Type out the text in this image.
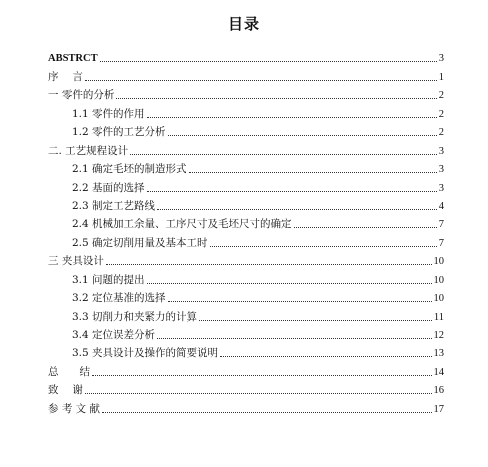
目录
ABSTRCT	3
序　 言	1
一 零件的分析	2
1.1 零件的作用	2
1.2 零件的工艺分析	2
二. 工艺规程设计	3
2.1 确定毛坯的制造形式	3
2.2 基面的选择	3
2.3 制定工艺路线	4
2.4 机械加工余量、工序尺寸及毛坯尺寸的确定	7
2.5 确定切削用量及基本工时	7
三 夹具设计	10
3.1 问题的提出	10
3.2 定位基准的选择	10
3.3 切削力和夹紧力的计算	11
3.4 定位误差分析	12
3.5 夹具设计及操作的简要说明	13
总　　结	14
致　 谢	16
参 考 文 献	17
